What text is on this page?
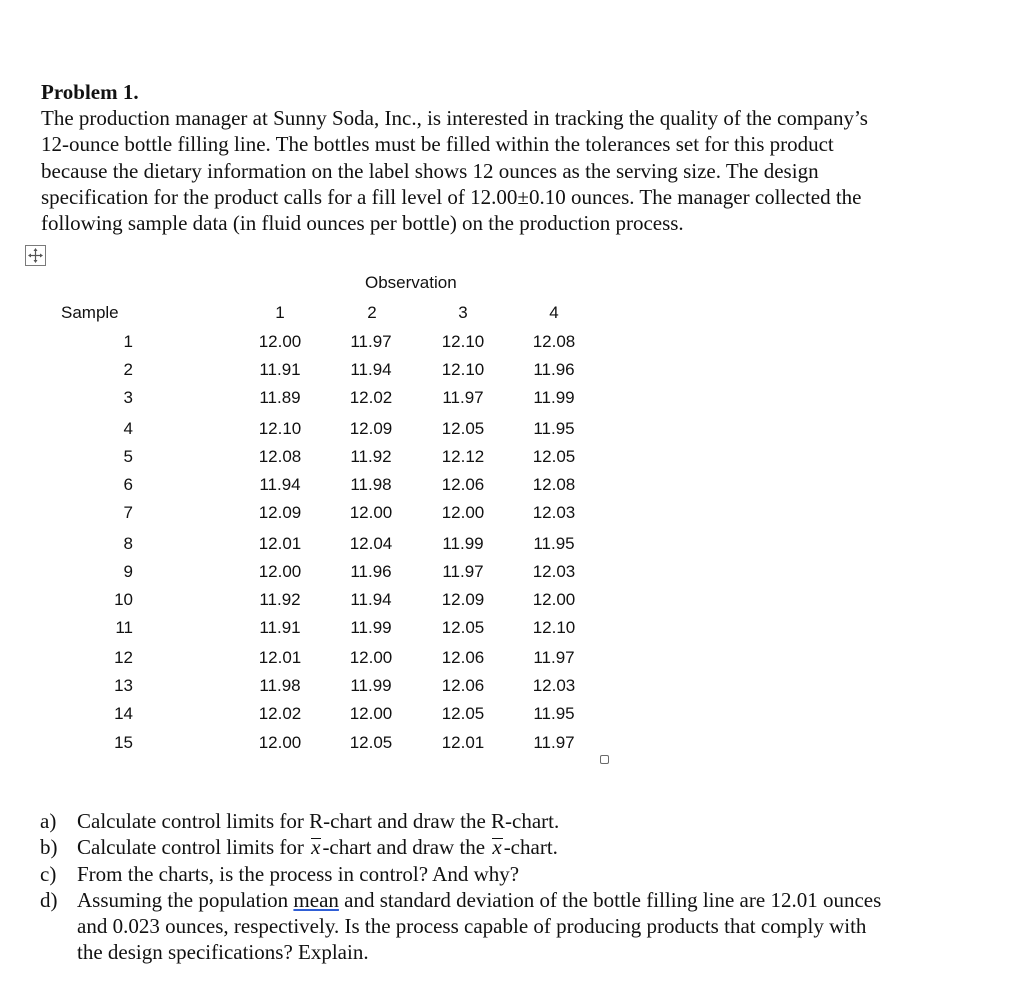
Problem 1.
The production manager at Sunny Soda, Inc., is interested in tracking the quality of the company’s
12-ounce bottle filling line. The bottles must be filled within the tolerances set for this product
because the dietary information on the label shows 12 ounces as the serving size. The design
specification for the product calls for a fill level of 12.00±0.10 ounces. The manager collected the
following sample data (in fluid ounces per bottle) on the production process.
Observation
Sample	1	2	3	4
1	12.00	11.97	12.10	12.08
2	11.91	11.94	12.10	11.96
3	11.89	12.02	11.97	11.99
4	12.10	12.09	12.05	11.95
5	12.08	11.92	12.12	12.05
6	11.94	11.98	12.06	12.08
7	12.09	12.00	12.00	12.03
8	12.01	12.04	11.99	11.95
9	12.00	11.96	11.97	12.03
10	11.92	11.94	12.09	12.00
11	11.91	11.99	12.05	12.10
12	12.01	12.00	12.06	11.97
13	11.98	11.99	12.06	12.03
14	12.02	12.00	12.05	11.95
15	12.00	12.05	12.01	11.97
a) Calculate control limits for R-chart and draw the R-chart.
b) Calculate control limits for x-chart and draw the x-chart.
c) From the charts, is the process in control? And why?
d) Assuming the population mean and standard deviation of the bottle filling line are 12.01 ounces
and 0.023 ounces, respectively. Is the process capable of producing products that comply with
the design specifications? Explain.
